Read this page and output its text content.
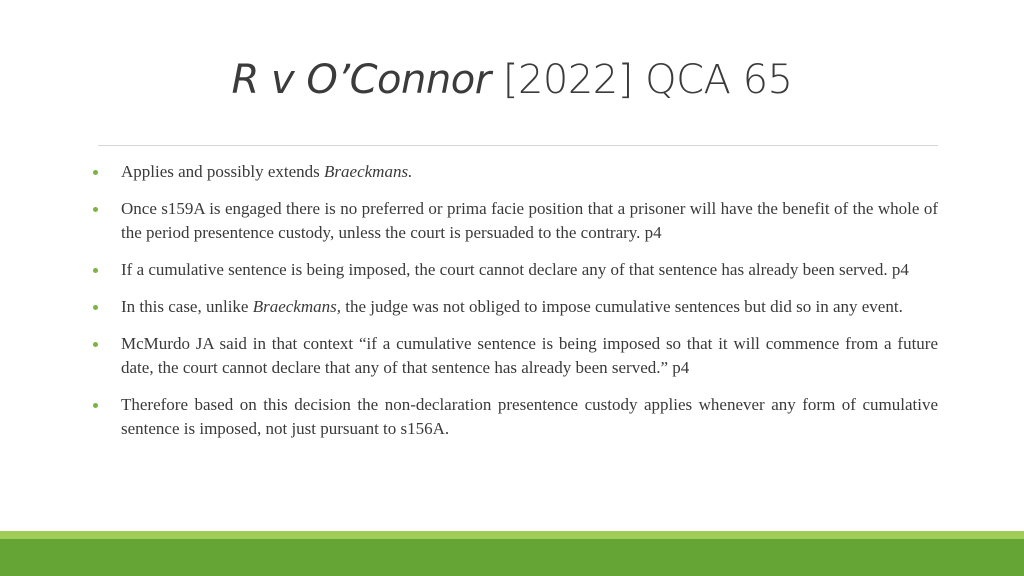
R v O’Connor [2022] QCA 65
Applies and possibly extends Braeckmans.
Once s159A is engaged there is no preferred or prima facie position that a prisoner will have the benefit of the whole of the period presentence custody, unless the court is persuaded to the contrary. p4
If a cumulative sentence is being imposed, the court cannot declare any of that sentence has already been served. p4
In this case, unlike Braeckmans, the judge was not obliged to impose cumulative sentences but did so in any event.
McMurdo JA said in that context “if a cumulative sentence is being imposed so that it will commence from a future date, the court cannot declare that any of that sentence has already been served.” p4
Therefore based on this decision the non-declaration presentence custody applies whenever any form of cumulative sentence is imposed, not just pursuant to s156A.
